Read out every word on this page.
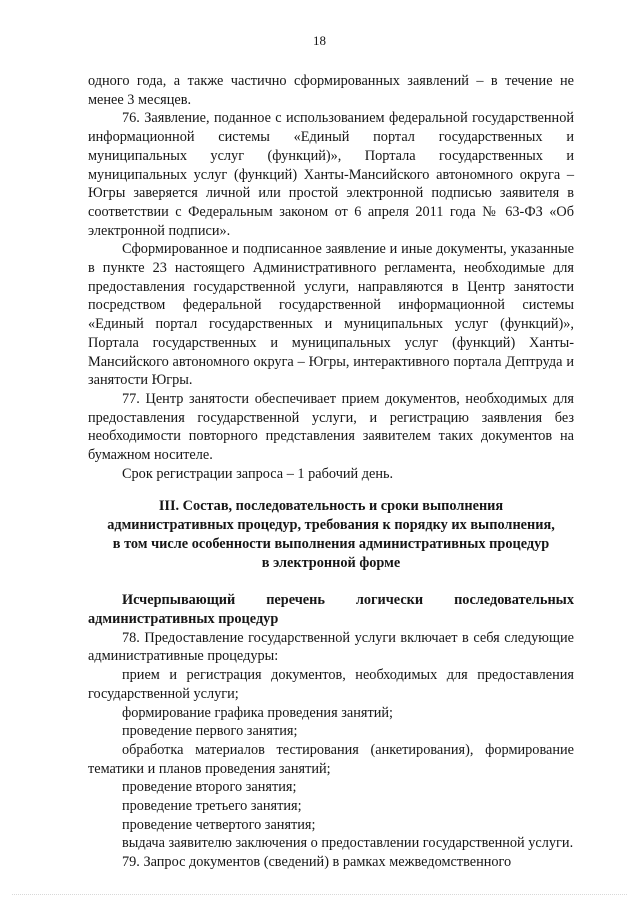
18

одного года, а также частично сформированных заявлений – в течение не менее 3 месяцев.

76. Заявление, поданное с использованием федеральной государственной информационной системы «Единый портал государственных и муниципальных услуг (функций)», Портала государственных и муниципальных услуг (функций) Ханты-Мансийского автономного округа – Югры заверяется личной или простой электронной подписью заявителя в соответствии с Федеральным законом от 6 апреля 2011 года № 63-ФЗ «Об электронной подписи».

Сформированное и подписанное заявление и иные документы, указанные в пункте 23 настоящего Административного регламента, необходимые для предоставления государственной услуги, направляются в Центр занятости посредством федеральной государственной информационной системы «Единый портал государственных и муниципальных услуг (функций)», Портала государственных и муниципальных услуг (функций) Ханты-Мансийского автономного округа – Югры, интерактивного портала Дептруда и занятости Югры.

77. Центр занятости обеспечивает прием документов, необходимых для предоставления государственной услуги, и регистрацию заявления без необходимости повторного представления заявителем таких документов на бумажном носителе.

Срок регистрации запроса – 1 рабочий день.

III. Состав, последовательность и сроки выполнения

административных процедур, требования к порядку их выполнения,

в том числе особенности выполнения административных процедур

в электронной форме

Исчерпывающий перечень логически последовательных административных процедур

78. Предоставление государственной услуги включает в себя следующие административные процедуры:

прием и регистрация документов, необходимых для предоставления государственной услуги;

формирование графика проведения занятий;

проведение первого занятия;

обработка материалов тестирования (анкетирования), формирование тематики и планов проведения занятий;

проведение второго занятия;

проведение третьего занятия;

проведение четвертого занятия;

выдача заявителю заключения о предоставлении государственной услуги.

79. Запрос документов (сведений) в рамках межведомственного
